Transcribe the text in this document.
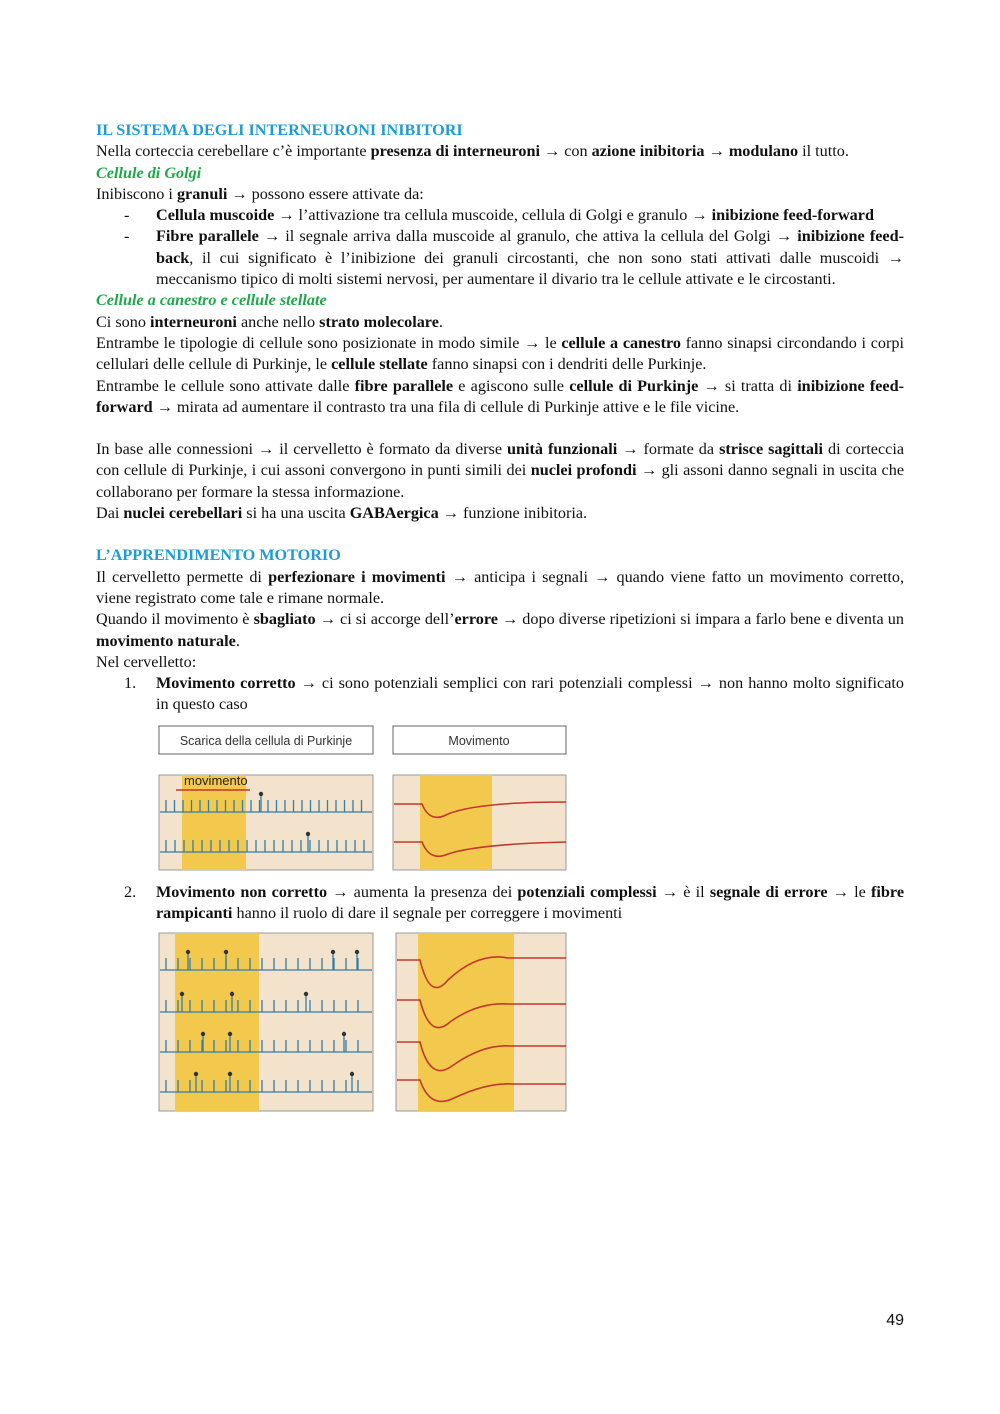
IL SISTEMA DEGLI INTERNEURONI INIBITORI

Nella corteccia cerebellare c’è importante presenza di interneuroni → con azione inibitoria → modulano il tutto.

Cellule di Golgi

Inibiscono i granuli → possono essere attivate da:

- Cellula muscoide → l’attivazione tra cellula muscoide, cellula di Golgi e granulo → inibizione feed-forward
- Fibre parallele → il segnale arriva dalla muscoide al granulo, che attiva la cellula del Golgi → inibizione feed-back, il cui significato è l’inibizione dei granuli circostanti, che non sono stati attivati dalle muscoidi → meccanismo tipico di molti sistemi nervosi, per aumentare il divario tra le cellule attivate e le circostanti.

Cellule a canestro e cellule stellate

Ci sono interneuroni anche nello strato molecolare.

Entrambe le tipologie di cellule sono posizionate in modo simile → le cellule a canestro fanno sinapsi circondando i corpi cellulari delle cellule di Purkinje, le cellule stellate fanno sinapsi con i dendriti delle Purkinje.

Entrambe le cellule sono attivate dalle fibre parallele e agiscono sulle cellule di Purkinje → si tratta di inibizione feed-forward → mirata ad aumentare il contrasto tra una fila di cellule di Purkinje attive e le file vicine.

In base alle connessioni → il cervelletto è formato da diverse unità funzionali → formate da strisce sagittali di corteccia con cellule di Purkinje, i cui assoni convergono in punti simili dei nuclei profondi → gli assoni danno segnali in uscita che collaborano per formare la stessa informazione.

Dai nuclei cerebellari si ha una uscita GABAergica → funzione inibitoria.

L’APPRENDIMENTO MOTORIO

Il cervelletto permette di perfezionare i movimenti → anticipa i segnali → quando viene fatto un movimento corretto, viene registrato come tale e rimane normale.

Quando il movimento è sbagliato → ci si accorge dell’errore → dopo diverse ripetizioni si impara a farlo bene e diventa un movimento naturale.

Nel cervelletto:

1. Movimento corretto → ci sono potenziali semplici con rari potenziali complessi → non hanno molto significato in questo caso
Scarica della cellula di Purkinje	Movimento
movimento
2. Movimento non corretto → aumenta la presenza dei potenziali complessi → è il segnale di errore → le fibre rampicanti hanno il ruolo di dare il segnale per correggere i movimenti
49
